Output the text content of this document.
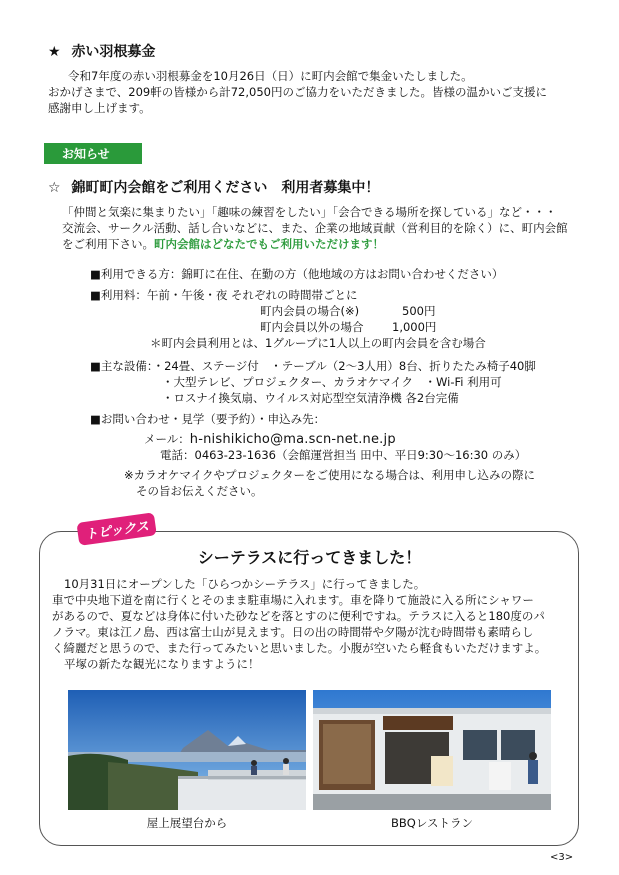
★ 赤い羽根募金
令和7年度の赤い羽根募金を10月26日（日）に町内会館で集金いたしました。
おかげさまで、209軒の皆様から計72,050円のご協力をいただきました。皆様の温かいご支援に
感謝申し上げます。
お知らせ
☆ 錦町町内会館をご利用ください　利用者募集中！
「仲間と気楽に集まりたい」「趣味の練習をしたい」「会合できる場所を探している」など・・・
交流会、サークル活動、話し合いなどに、また、企業の地域貢献（営利目的を除く）に、町内会館
をご利用下さい。町内会館はどなたでもご利用いただけます！
■利用できる方：錦町に在住、在勤の方（他地域の方はお問い合わせください）
■利用料：午前・午後・夜 それぞれの時間帯ごとに
町内会員の場合(※)	500円
町内会員以外の場合 1,000円
＊町内会員利用とは、1グループに1人以上の町内会員を含む場合
■主な設備：・24畳、ステージ付　・テーブル（2～3人用）8台、折りたたみ椅子40脚
・大型テレビ、プロジェクター、カラオケマイク　・Wi-Fi 利用可
・ロスナイ換気扇、ウイルス対応型空気清浄機 各2台完備
■お問い合わせ・見学（要予約）・申込み先：
メール：h-nishikicho@ma.scn-net.ne.jp
電話：0463-23-1636（会館運営担当 田中、平日9:30～16:30 のみ）
※カラオケマイクやプロジェクターをご使用になる場合は、利用申し込みの際に
その旨お伝えください。
トピックス
シーテラスに行ってきました！
10月31日にオープンした「ひらつかシーテラス」に行ってきました。
車で中央地下道を南に行くとそのまま駐車場に入れます。車を降りて施設に入る所にシャワー
があるので、夏などは身体に付いた砂などを落とすのに便利ですね。テラスに入ると180度のパ
ノラマ。東は江ノ島、西は富士山が見えます。日の出の時間帯や夕陽が沈む時間帯も素晴らし
く綺麗だと思うので、また行ってみたいと思いました。小腹が空いたら軽食もいただけますよ。
平塚の新たな観光になりますように！
屋上展望台から	BBQレストラン
<3>
